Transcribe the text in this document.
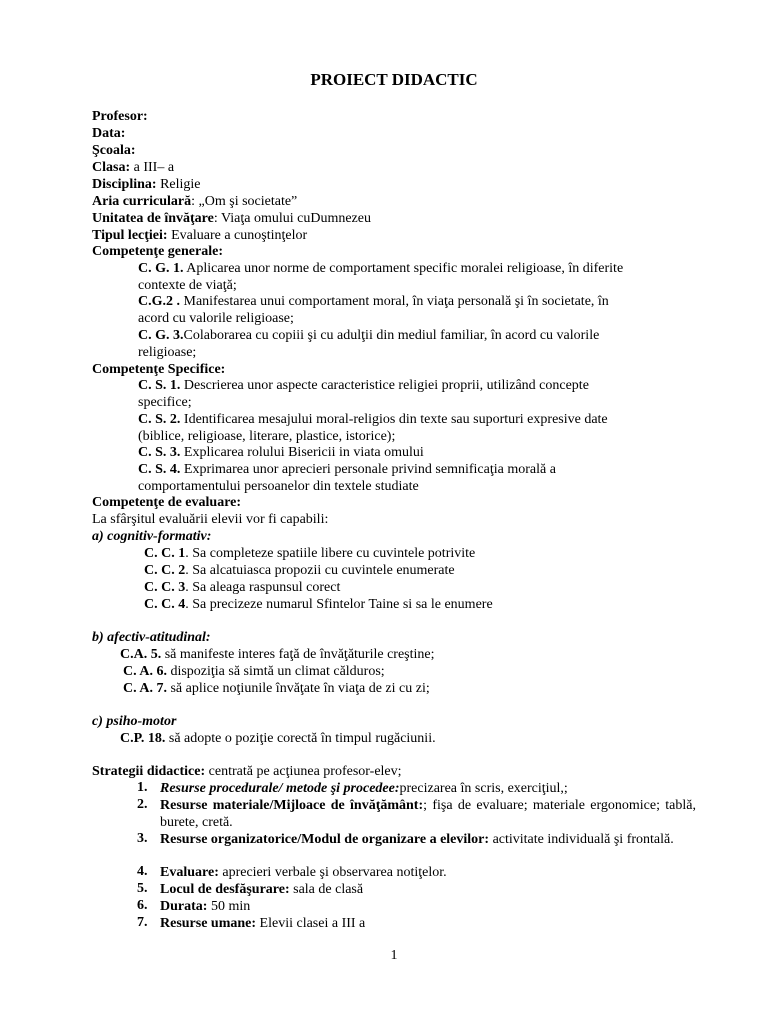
PROIECT DIDACTIC
Profesor:
Data:
Şcoala:
Clasa: a III– a
Disciplina: Religie
Aria curriculară: „Om şi societate”
Unitatea de învăţare: Viaţa omului cuDumnezeu
Tipul lecţiei: Evaluare a cunoştinţelor
Competenţe generale:
C. G. 1. Aplicarea unor norme de comportament specific moralei religioase, în diferite
contexte de viaţă;
C.G.2 . Manifestarea unui comportament moral, în viaţa personală şi în societate, în
acord cu valorile religioase;
C. G. 3.Colaborarea cu copiii şi cu adulţii din mediul familiar, în acord cu valorile
religioase;
Competenţe Specifice:
C. S. 1. Descrierea unor aspecte caracteristice religiei proprii, utilizând concepte
specifice;
C. S. 2. Identificarea mesajului moral-religios din texte sau suporturi expresive date
(biblice, religioase, literare, plastice, istorice);
C. S. 3. Explicarea rolului Bisericii in viata omului
C. S. 4. Exprimarea unor aprecieri personale privind semnificaţia morală a
comportamentului persoanelor din textele studiate
Competenţe de evaluare:
La sfârşitul evaluării elevii vor fi capabili:
a) cognitiv-formativ:
C. C. 1. Sa completeze spatiile libere cu cuvintele potrivite
C. C. 2. Sa alcatuiasca propozii cu cuvintele enumerate
C. C. 3. Sa aleaga raspunsul corect
C. C. 4. Sa precizeze numarul Sfintelor Taine si sa le enumere
b) afectiv-atitudinal:
C.A. 5. să manifeste interes faţă de învăţăturile creştine;
C. A. 6. dispoziţia să simtă un climat călduros;
C. A. 7. să aplice noţiunile învăţate în viaţa de zi cu zi;
c) psiho-motor
C.P. 18. să adopte o poziţie corectă în timpul rugăciunii.
Strategii didactice: centrată pe acţiunea profesor-elev;
1. Resurse procedurale/ metode şi procedee:precizarea în scris, exerciţiul,;
2. Resurse materiale/Mijloace de învăţământ:; fişa de evaluare; materiale ergonomice; tablă, burete, cretă.
3. Resurse organizatorice/Modul de organizare a elevilor: activitate individuală şi frontală.
4. Evaluare: aprecieri verbale şi observarea notiţelor.
5. Locul de desfăşurare: sala de clasă
6. Durata: 50 min
7. Resurse umane: Elevii clasei a III a
1
